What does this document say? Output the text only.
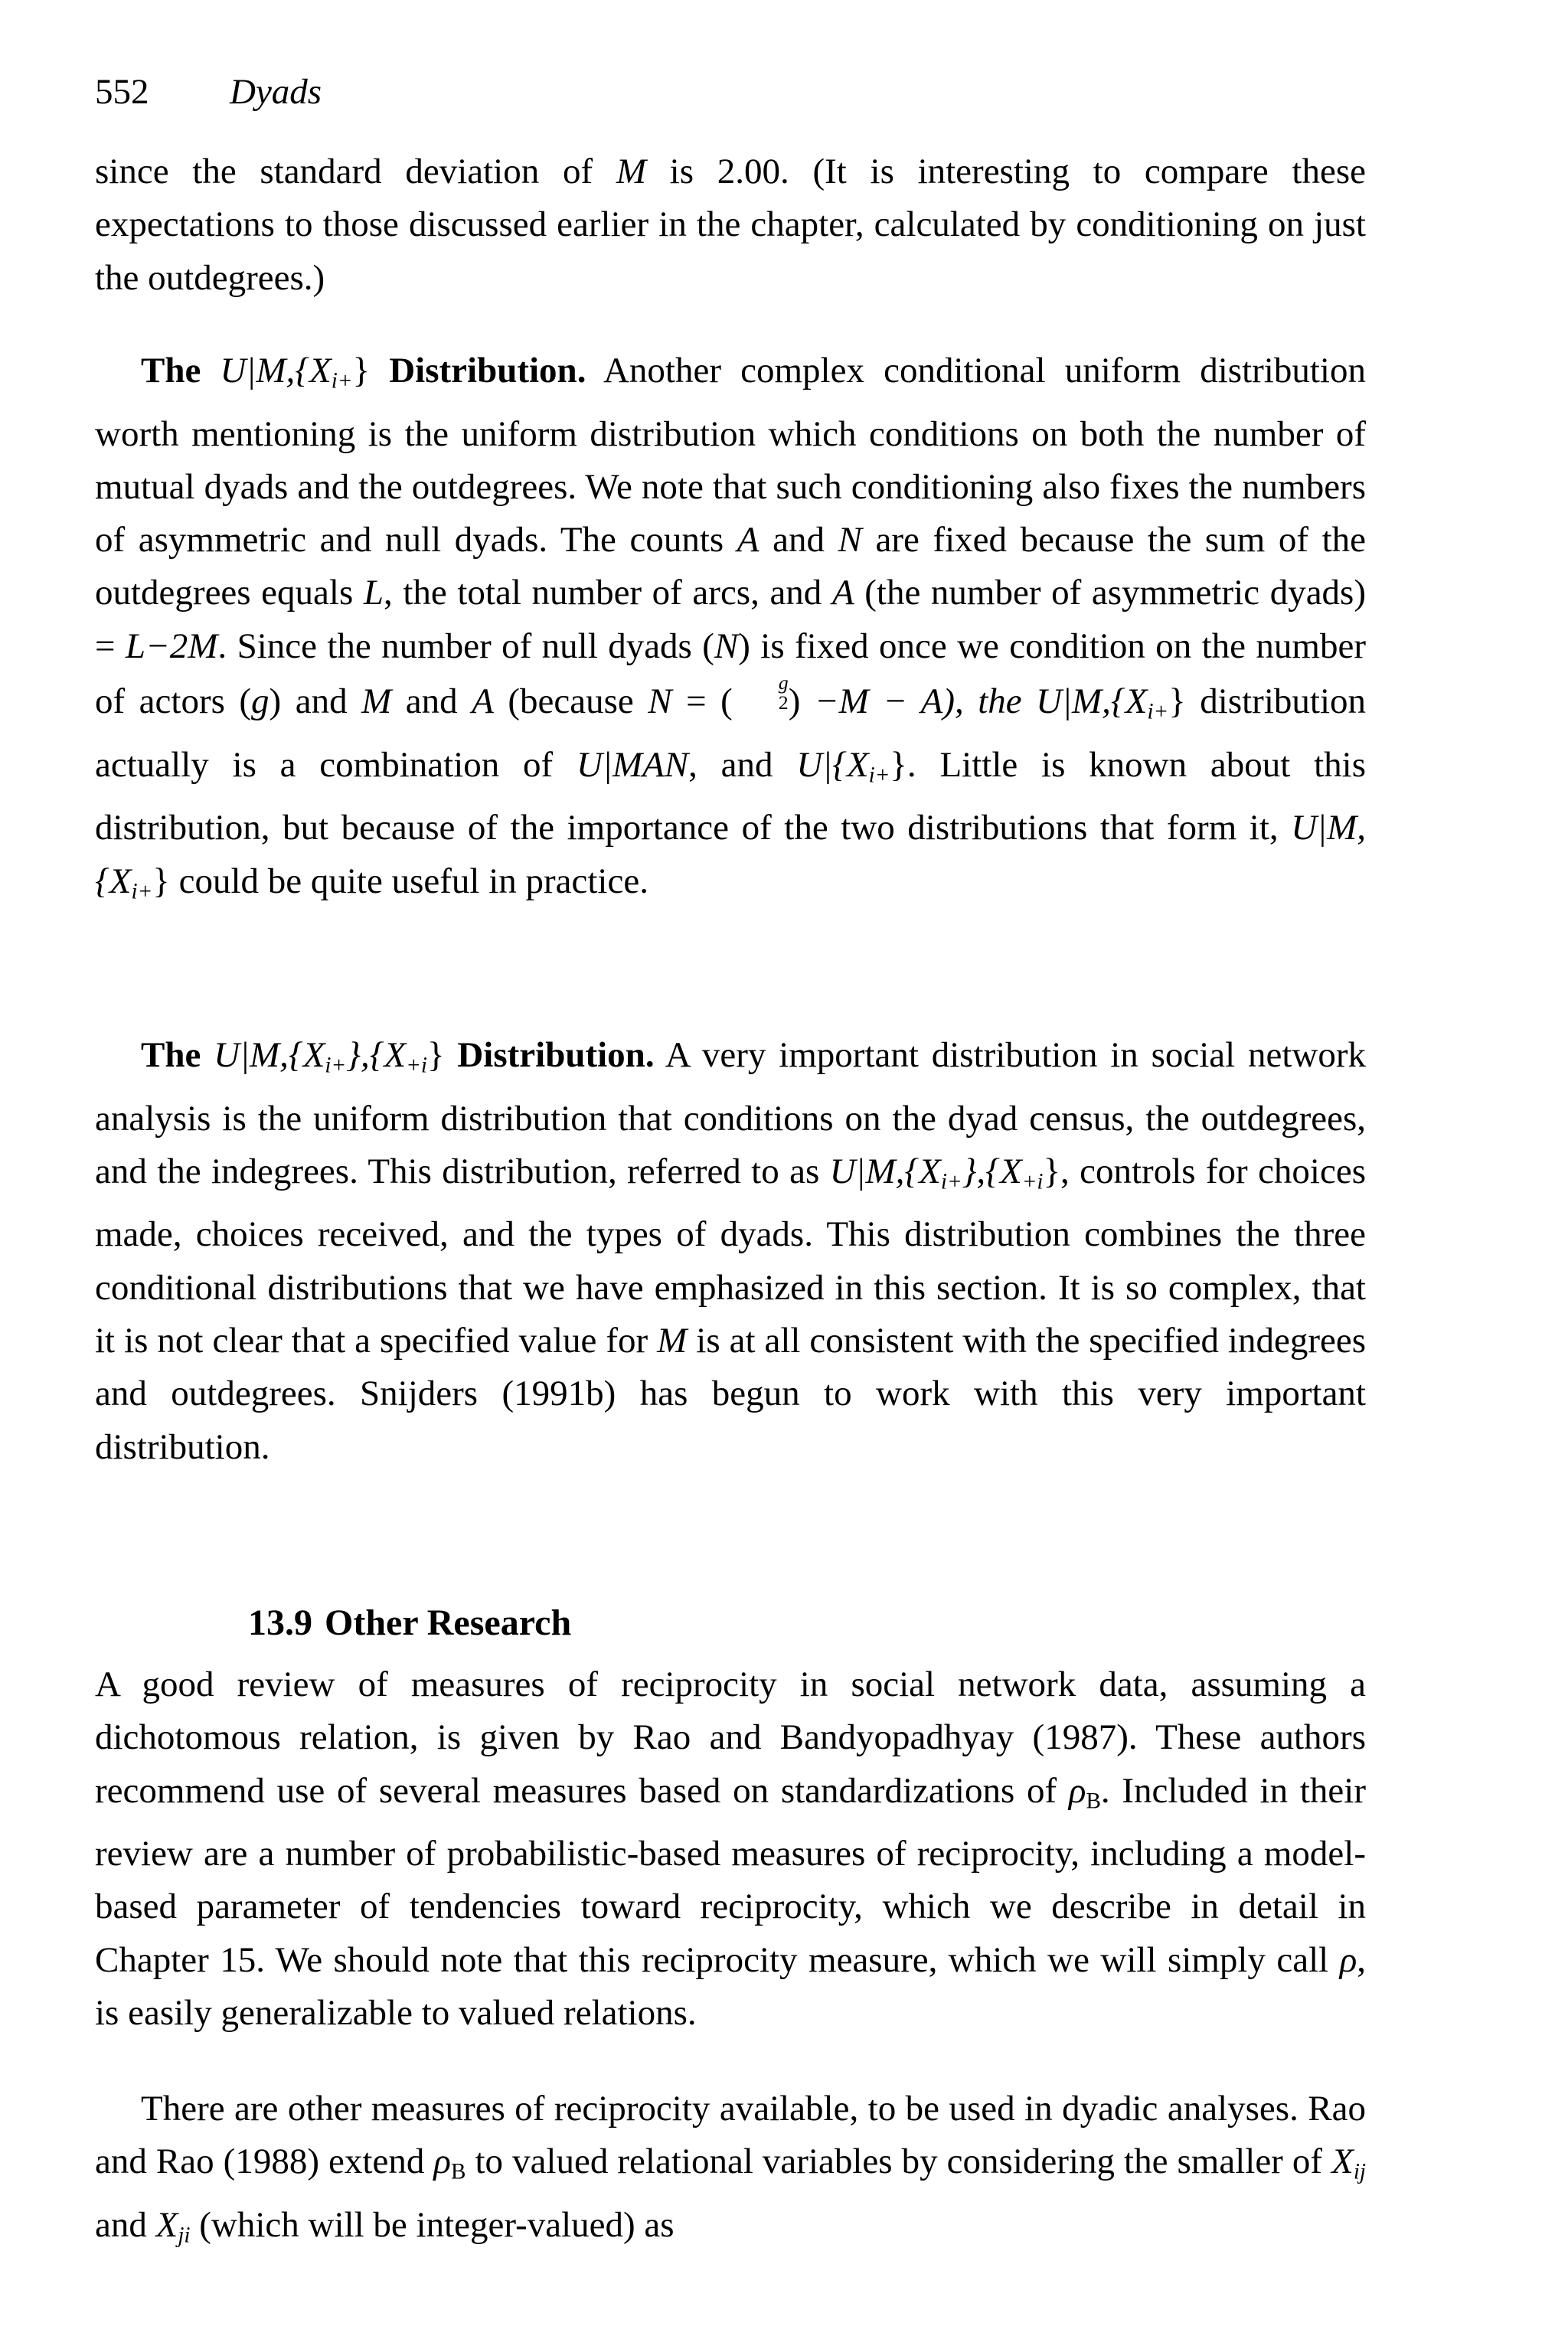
552 Dyads

since the standard deviation of M is 2.00. (It is interesting to compare these expectations to those discussed earlier in the chapter, calculated by conditioning on just the outdegrees.)

The $U|M,\{X_{i+}\}$ Distribution. Another complex conditional uniform distribution worth mentioning is the uniform distribution which conditions on both the number of mutual dyads and the outdegrees. We note that such conditioning also fixes the numbers of asymmetric and null dyads. The counts A and N are fixed because the sum of the outdegrees equals L, the total number of arcs, and A (the number of asymmetric dyads) = L−2M. Since the number of null dyads (N) is fixed once we condition on the number of actors (g) and M and A (because N = (	g
2 ) −M − A), the $U|M,\{X_{i+}\}$ distribution actually is a combination of U|MAN, and $U|\{X_{i+}\}$. Little is known about this distribution, but because of the importance of the two distributions that form it, $U|M,\{X_{i+}\}$ could be quite useful in practice.

The $U|M,\{X_{i+}\},\{X_{+i}\}$ Distribution. A very important distribution in social network analysis is the uniform distribution that conditions on the dyad census, the outdegrees, and the indegrees. This distribution, referred to as $U|M,\{X_{i+}\},\{X_{+i}\}$, controls for choices made, choices received, and the types of dyads. This distribution combines the three conditional distributions that we have emphasized in this section. It is so complex, that it is not clear that a specified value for M is at all consistent with the specified indegrees and outdegrees. Snijders (1991b) has begun to work with this very important distribution.

13.9 Other Research

A good review of measures of reciprocity in social network data, assuming a dichotomous relation, is given by Rao and Bandyopadhyay (1987). These authors recommend use of several measures based on standardizations of ρB. Included in their review are a number of probabilistic-based measures of reciprocity, including a model-based parameter of tendencies toward reciprocity, which we describe in detail in Chapter 15. We should note that this reciprocity measure, which we will simply call ρ, is easily generalizable to valued relations.

There are other measures of reciprocity available, to be used in dyadic analyses. Rao and Rao (1988) extend ρB to valued relational variables by considering the smaller of $X_{ij}$ and $X_{ji}$ (which will be integer-valued) as
